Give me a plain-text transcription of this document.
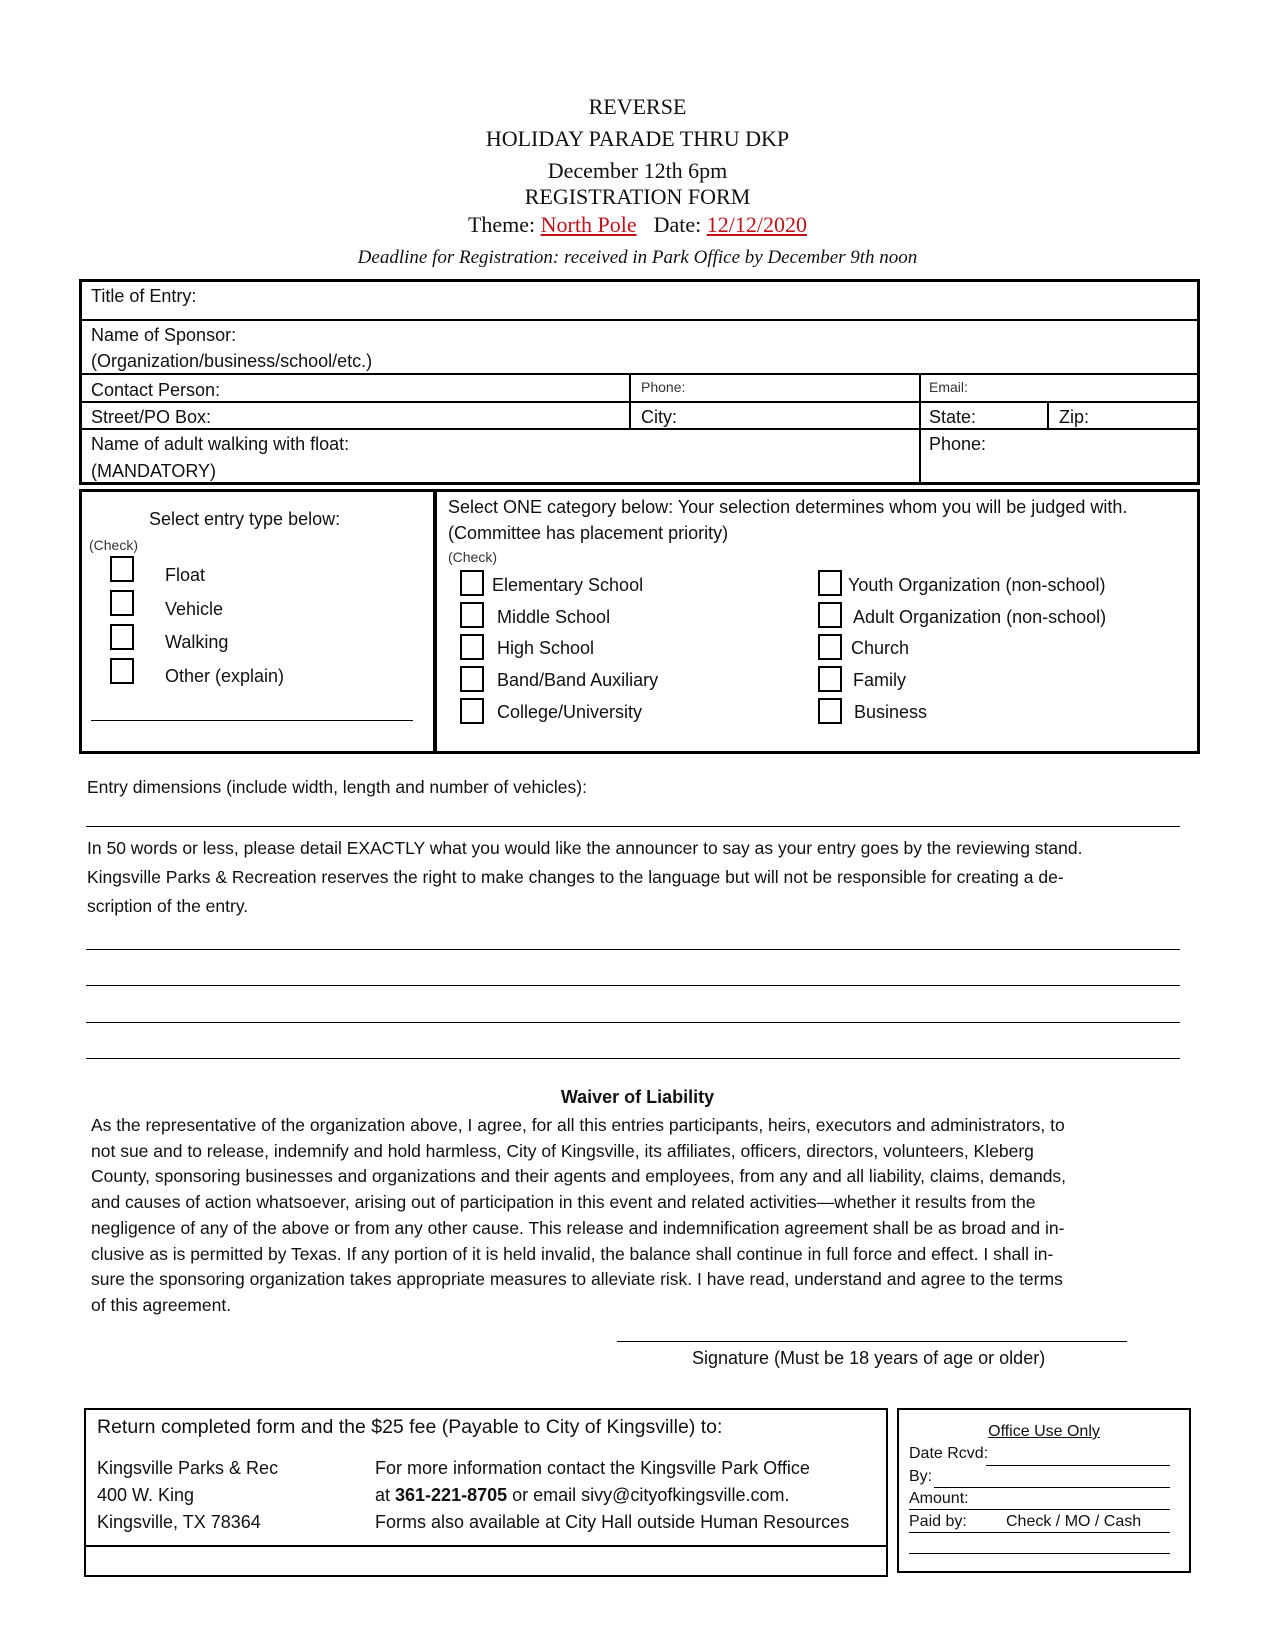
REVERSE
HOLIDAY PARADE THRU DKP
December 12th 6pm
REGISTRATION FORM
Theme: North Pole Date: 12/12/2020
Deadline for Registration: received in Park Office by December 9th noon
Title of Entry:
Name of Sponsor:
(Organization/business/school/etc.)
Contact Person:	Phone:	Email:
Street/PO Box:	City:	State:	Zip:
Name of adult walking with float:
(MANDATORY)
Phone:
Select entry type below:
(Check)
Float
Vehicle
Walking
Other (explain)
Select ONE category below: Your selection determines whom you will be judged with.
(Committee has placement priority)
(Check)
Elementary School
Middle School
High School
Band/Band Auxiliary
College/University
Youth Organization (non-school)
Adult Organization (non-school)
Church
Family
Business
Entry dimensions (include width, length and number of vehicles):
In 50 words or less, please detail EXACTLY what you would like the announcer to say as your entry goes by the reviewing stand.
Kingsville Parks & Recreation reserves the right to make changes to the language but will not be responsible for creating a de-
scription of the entry.
Waiver of Liability
As the representative of the organization above, I agree, for all this entries participants, heirs, executors and administrators, to
not sue and to release, indemnify and hold harmless, City of Kingsville, its affiliates, officers, directors, volunteers, Kleberg
County, sponsoring businesses and organizations and their agents and employees, from any and all liability, claims, demands,
and causes of action whatsoever, arising out of participation in this event and related activities—whether it results from the
negligence of any of the above or from any other cause. This release and indemnification agreement shall be as broad and in-
clusive as is permitted by Texas. If any portion of it is held invalid, the balance shall continue in full force and effect. I shall in-
sure the sponsoring organization takes appropriate measures to alleviate risk. I have read, understand and agree to the terms
of this agreement.
Signature (Must be 18 years of age or older)
Return completed form and the $25 fee (Payable to City of Kingsville) to:
Kingsville Parks & Rec
400 W. King
Kingsville, TX 78364
For more information contact the Kingsville Park Office
at 361-221-8705 or email sivy@cityofkingsville.com.
Forms also available at City Hall outside Human Resources
Office Use Only
Date Rcvd:
By:
Amount:
Paid by: Check / MO / Cash
